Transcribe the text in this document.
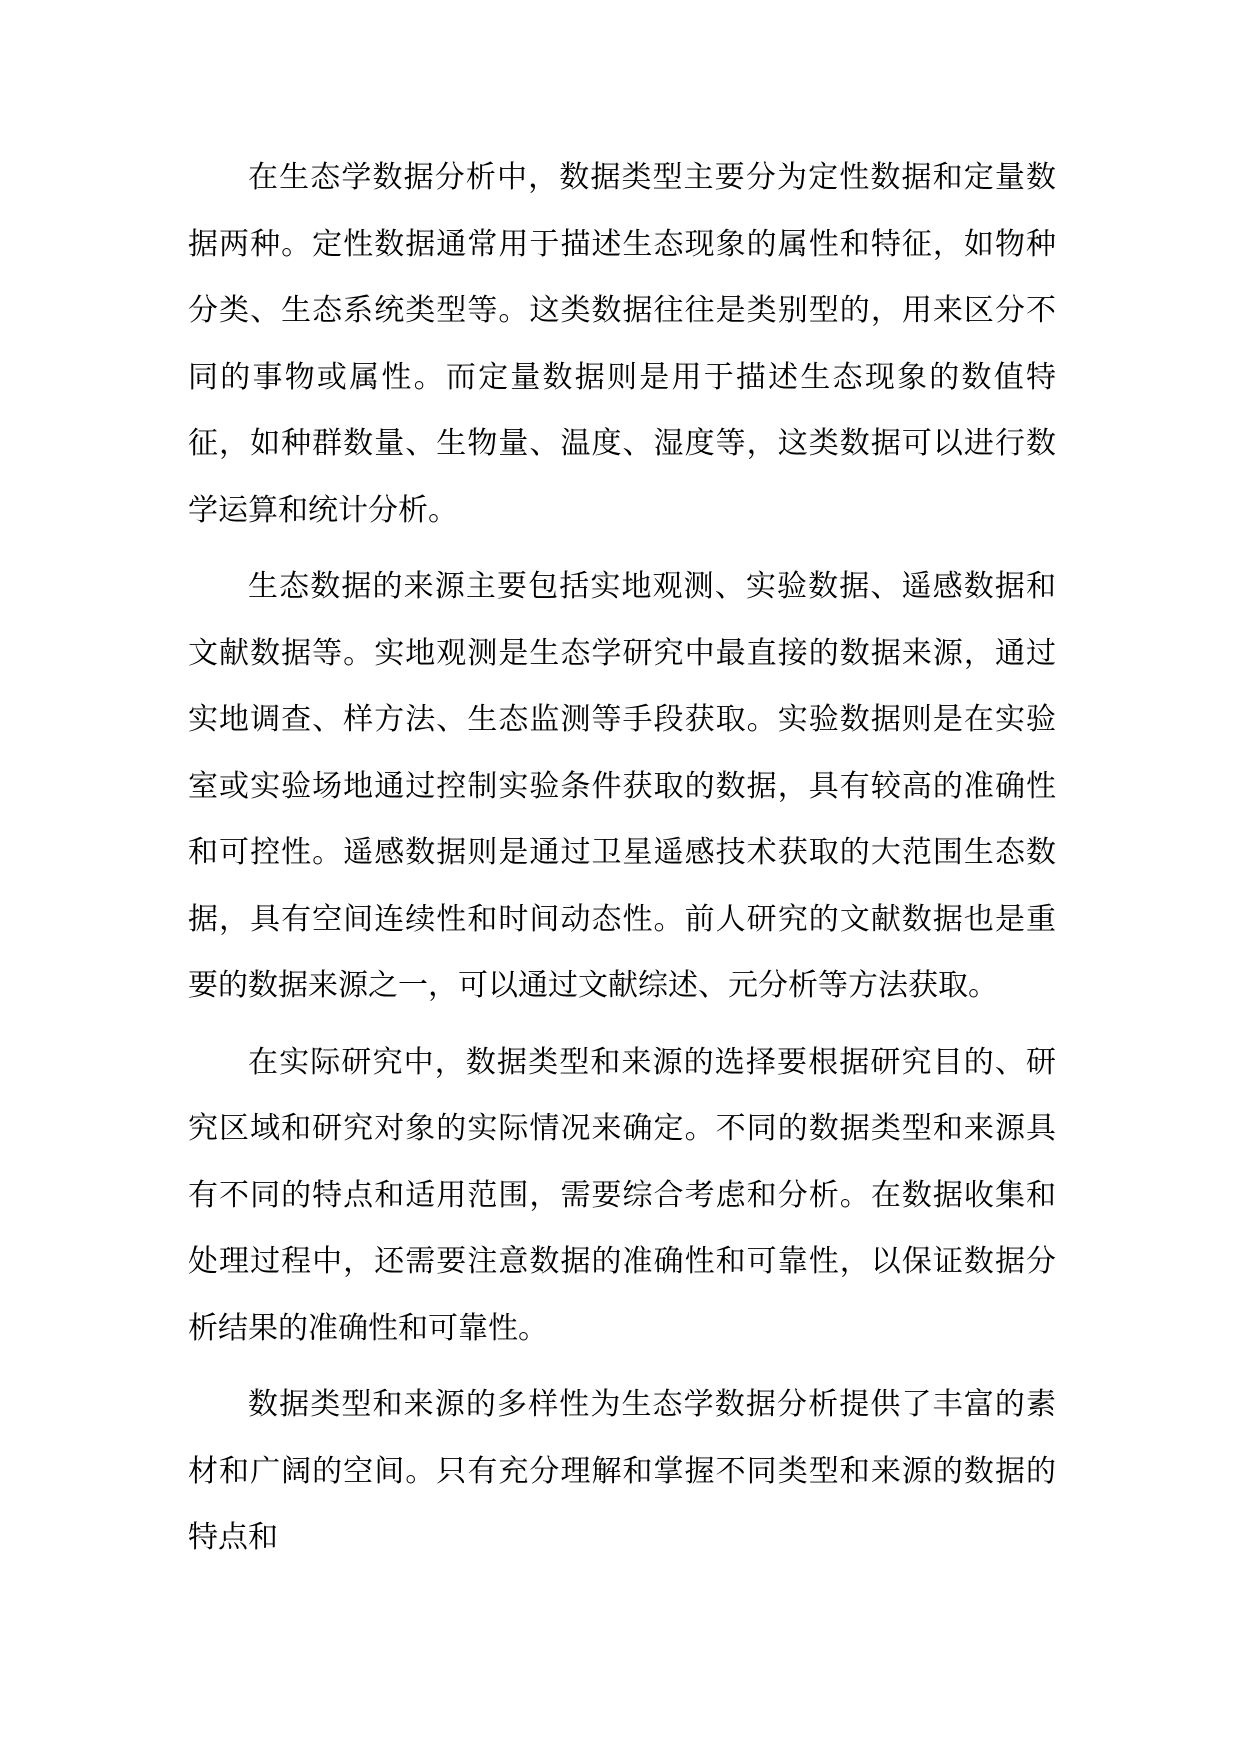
在生态学数据分析中，数据类型主要分为定性数据和定量数据两种。定性数据通常用于描述生态现象的属性和特征，如物种分类、生态系统类型等。这类数据往往是类别型的，用来区分不同的事物或属性。而定量数据则是用于描述生态现象的数值特征，如种群数量、生物量、温度、湿度等，这类数据可以进行数学运算和统计分析。

生态数据的来源主要包括实地观测、实验数据、遥感数据和文献数据等。实地观测是生态学研究中最直接的数据来源，通过实地调查、样方法、生态监测等手段获取。实验数据则是在实验室或实验场地通过控制实验条件获取的数据，具有较高的准确性和可控性。遥感数据则是通过卫星遥感技术获取的大范围生态数据，具有空间连续性和时间动态性。前人研究的文献数据也是重要的数据来源之一，可以通过文献综述、元分析等方法获取。

在实际研究中，数据类型和来源的选择要根据研究目的、研究区域和研究对象的实际情况来确定。不同的数据类型和来源具有不同的特点和适用范围，需要综合考虑和分析。在数据收集和处理过程中，还需要注意数据的准确性和可靠性，以保证数据分析结果的准确性和可靠性。

数据类型和来源的多样性为生态学数据分析提供了丰富的素材和广阔的空间。只有充分理解和掌握不同类型和来源的数据的特点和
